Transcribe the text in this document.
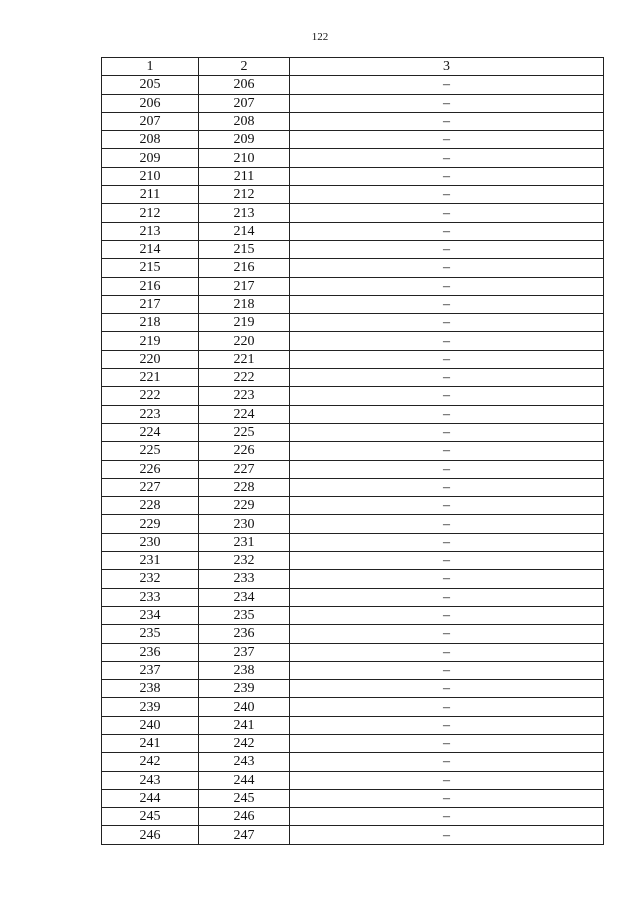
122
1	2	3
205	206	–
206	207	–
207	208	–
208	209	–
209	210	–
210	211	–
211	212	–
212	213	–
213	214	–
214	215	–
215	216	–
216	217	–
217	218	–
218	219	–
219	220	–
220	221	–
221	222	–
222	223	–
223	224	–
224	225	–
225	226	–
226	227	–
227	228	–
228	229	–
229	230	–
230	231	–
231	232	–
232	233	–
233	234	–
234	235	–
235	236	–
236	237	–
237	238	–
238	239	–
239	240	–
240	241	–
241	242	–
242	243	–
243	244	–
244	245	–
245	246	–
246	247	–
